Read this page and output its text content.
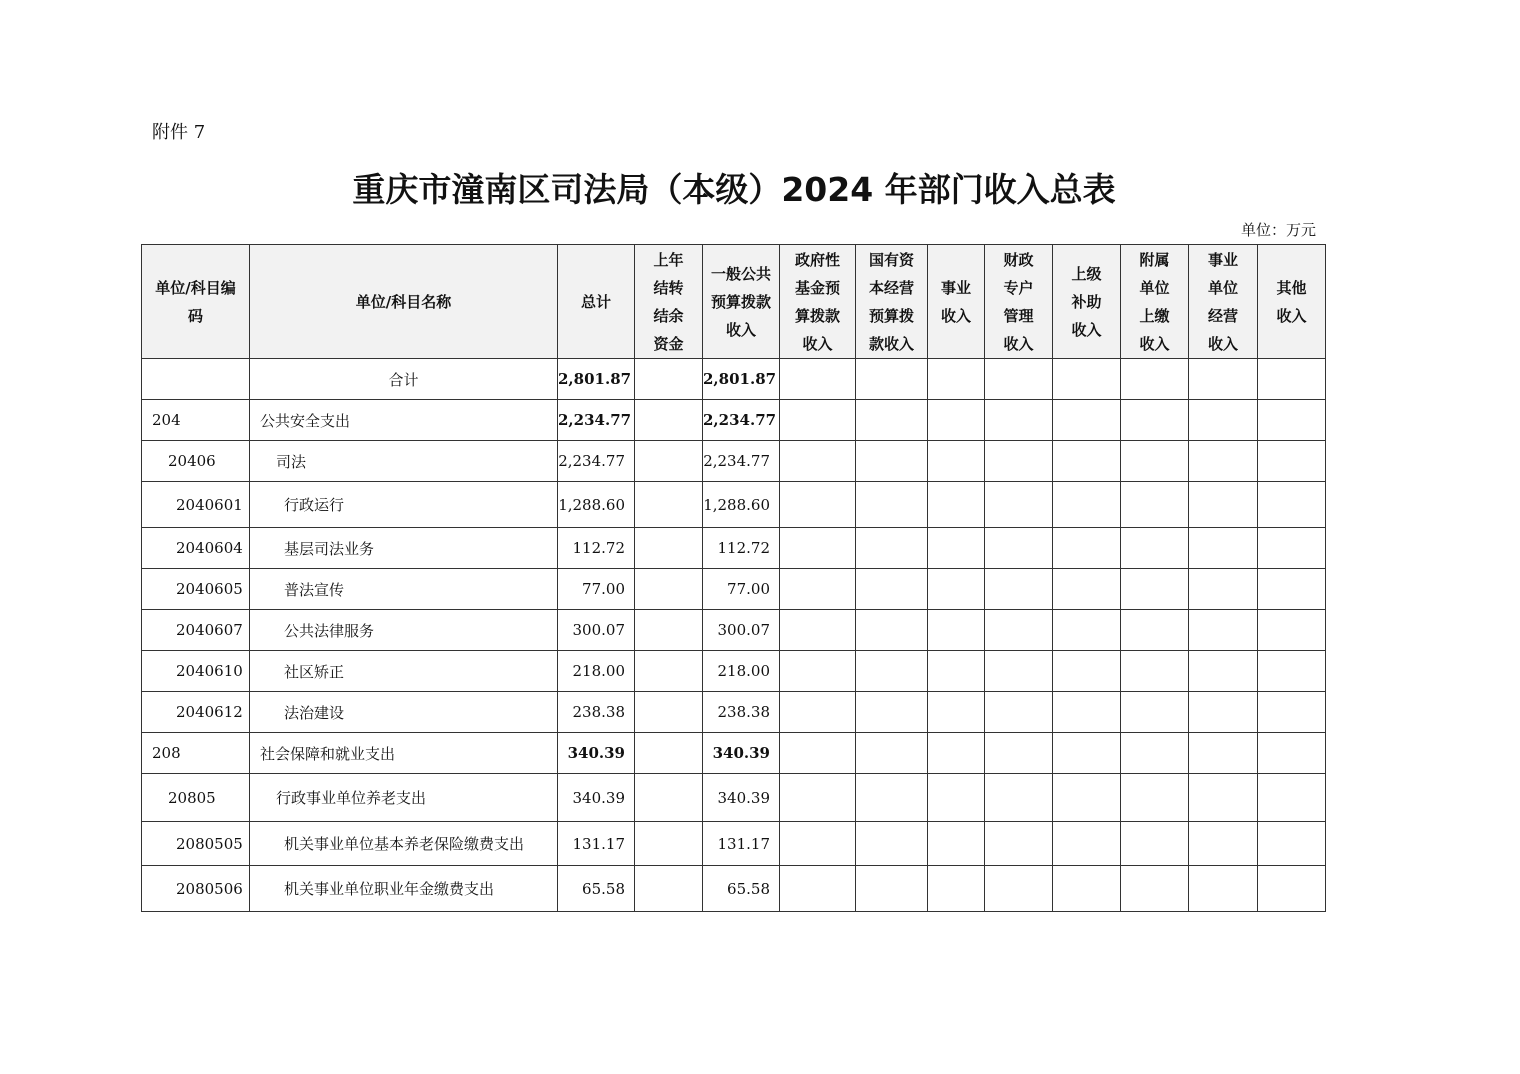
附件 7
重庆市潼南区司法局（本级）2024 年部门收入总表
单位：万元
单位/科目编码	单位/科目名称	总计	上年结转结余资金	一般公共预算拨款收入	政府性基金预算拨款收入	国有资本经营预算拨款收入	事业收入	财政专户管理收入	上级补助收入	附属单位上缴收入	事业单位经营收入	其他收入
	合计	2,801.87		2,801.87								
204	公共安全支出	2,234.77		2,234.77								
20406	司法	2,234.77		2,234.77								
2040601	行政运行	1,288.60		1,288.60								
2040604	基层司法业务	112.72		112.72								
2040605	普法宣传	77.00		77.00								
2040607	公共法律服务	300.07		300.07								
2040610	社区矫正	218.00		218.00								
2040612	法治建设	238.38		238.38								
208	社会保障和就业支出	340.39		340.39								
20805	行政事业单位养老支出	340.39		340.39								
2080505	机关事业单位基本养老保险缴费支出	131.17		131.17								
2080506	机关事业单位职业年金缴费支出	65.58		65.58								
